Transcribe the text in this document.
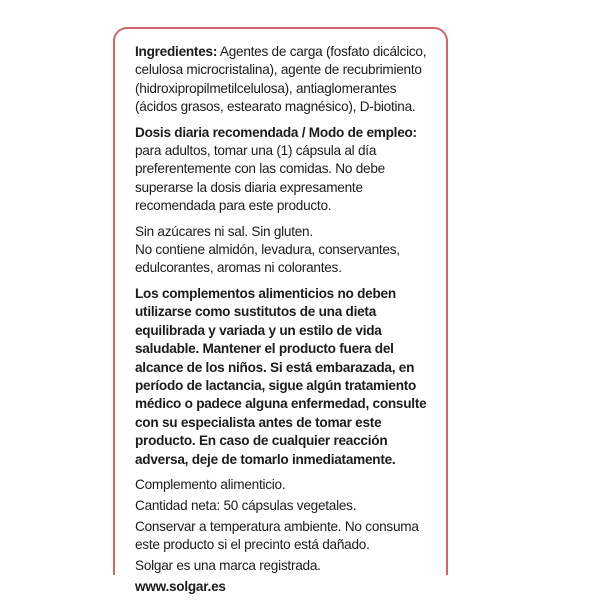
Ingredientes: Agentes de carga (fosfato dicálcico, celulosa microcristalina), agente de recubrimiento (hidroxipropilmetilcelulosa), antiaglomerantes (ácidos grasos, estearato magnésico), D-biotina.

Dosis diaria recomendada / Modo de empleo: para adultos, tomar una (1) cápsula al día preferentemente con las comidas. No debe superarse la dosis diaria expresamente recomendada para este producto.

Sin azúcares ni sal. Sin gluten.

No contiene almidón, levadura, conservantes, edulcorantes, aromas ni colorantes.

Los complementos alimenticios no deben utilizarse como sustitutos de una dieta equilibrada y variada y un estilo de vida saludable. Mantener el producto fuera del alcance de los niños. Si está embarazada, en período de lactancia, sigue algún tratamiento médico o padece alguna enfermedad, consulte con su especialista antes de tomar este producto. En caso de cualquier reacción adversa, deje de tomarlo inmediatamente.

Complemento alimenticio.

Cantidad neta: 50 cápsulas vegetales.

Conservar a temperatura ambiente. No consuma este producto si el precinto está dañado.

Solgar es una marca registrada.

www.solgar.es
